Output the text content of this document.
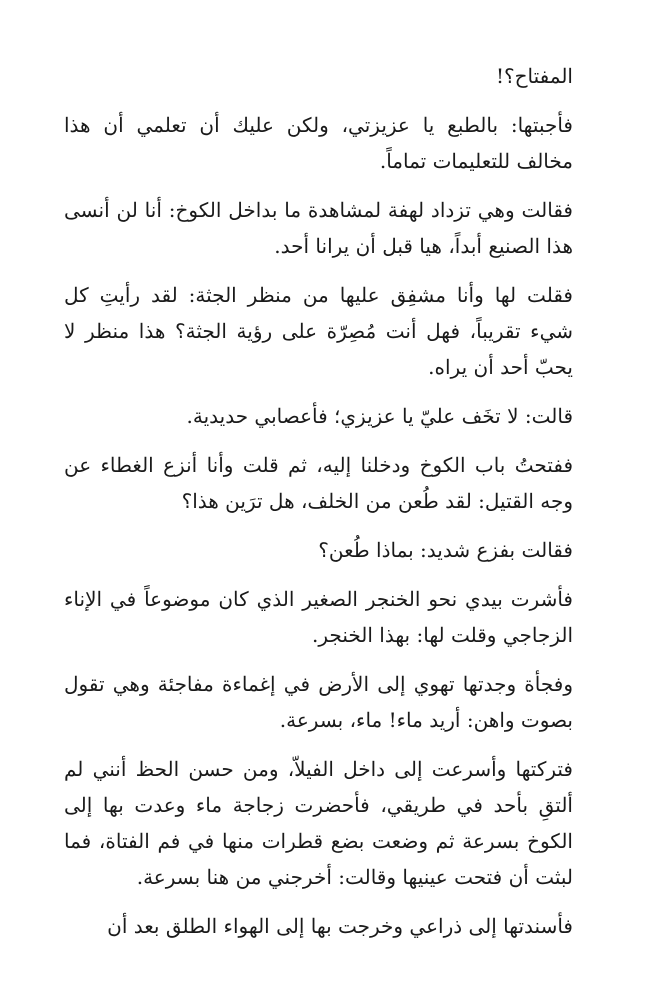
المفتاح؟!

فأجبتها: بالطبع يا عزيزتي، ولكن عليك أن تعلمي أن هذا مخالف للتعليمات تماماً.

فقالت وهي تزداد لهفة لمشاهدة ما بداخل الكوخ: أنا لن أنسى هذا الصنيع أبداً، هيا قبل أن يرانا أحد.

فقلت لها وأنا مشفِق عليها من منظر الجثة: لقد رأيتِ كل شيء تقريباً، فهل أنت مُصِرّة على رؤية الجثة؟ هذا منظر لا يحبّ أحد أن يراه.

قالت: لا تخَف عليّ يا عزيزي؛ فأعصابي حديدية.

ففتحتُ باب الكوخ ودخلنا إليه، ثم قلت وأنا أنزع الغطاء عن وجه القتيل: لقد طُعن من الخلف، هل ترَين هذا؟

فقالت بفزع شديد: بماذا طُعن؟

فأشرت بيدي نحو الخنجر الصغير الذي كان موضوعاً في الإناء الزجاجي وقلت لها: بهذا الخنجر.

وفجأة وجدتها تهوي إلى الأرض في إغماءة مفاجئة وهي تقول بصوت واهن: أريد ماء! ماء، بسرعة.

فتركتها وأسرعت إلى داخل الفيلاّ، ومن حسن الحظ أنني لم ألتقِ بأحد في طريقي، فأحضرت زجاجة ماء وعدت بها إلى الكوخ بسرعة ثم وضعت بضع قطرات منها في فم الفتاة، فما لبثت أن فتحت عينيها وقالت: أخرجني من هنا بسرعة.

فأسندتها إلى ذراعي وخرجت بها إلى الهواء الطلق بعد أن
